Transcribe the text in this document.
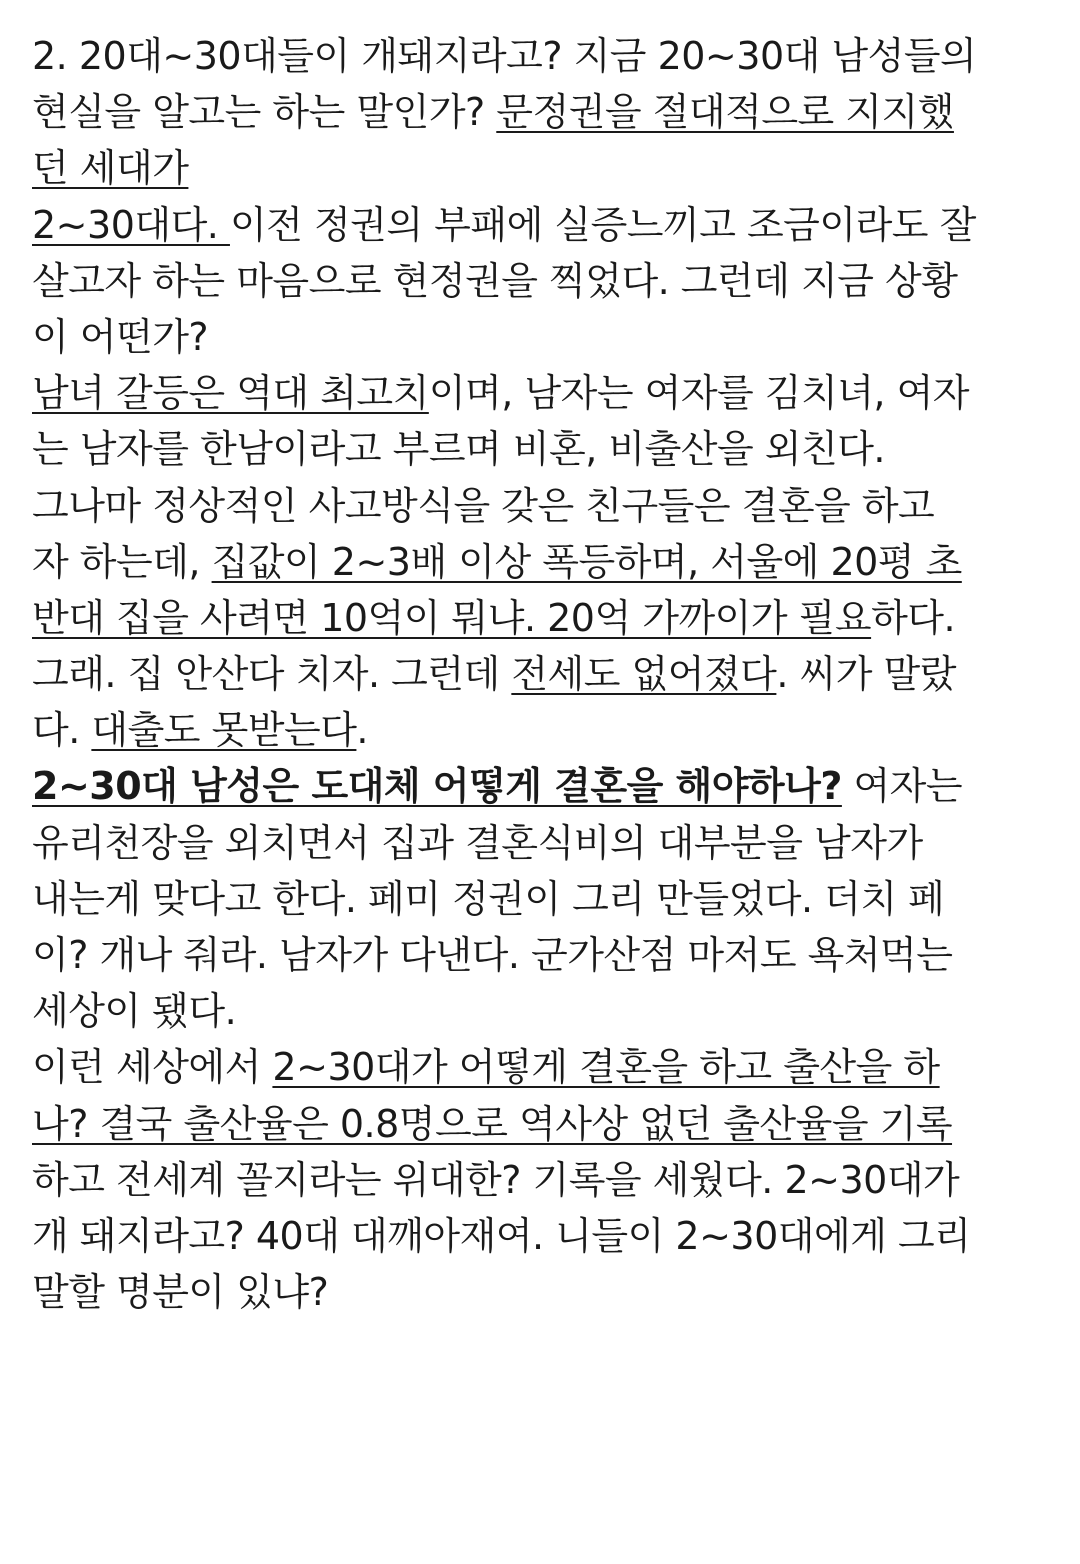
2. 20대~30대들이 개돼지라고? 지금 20~30대 남성들의
현실을 알고는 하는 말인가? 문정권을 절대적으로 지지했
던 세대가
2~30대다. 이전 정권의 부패에 실증느끼고 조금이라도 잘
살고자 하는 마음으로 현정권을 찍었다. 그런데 지금 상황
이 어떤가?
남녀 갈등은 역대 최고치이며, 남자는 여자를 김치녀, 여자
는 남자를 한남이라고 부르며 비혼, 비출산을 외친다.
그나마 정상적인 사고방식을 갖은 친구들은 결혼을 하고
자 하는데, 집값이 2~3배 이상 폭등하며, 서울에 20평 초
반대 집을 사려면 10억이 뭐냐. 20억 가까이가 필요하다.
그래. 집 안산다 치자. 그런데 전세도 없어졌다. 씨가 말랐
다. 대출도 못받는다.
2~30대 남성은 도대체 어떻게 결혼을 해야하나? 여자는
유리천장을 외치면서 집과 결혼식비의 대부분을 남자가
내는게 맞다고 한다. 페미 정권이 그리 만들었다. 더치 페
이? 개나 줘라. 남자가 다낸다. 군가산점 마저도 욕처먹는
세상이 됐다.
이런 세상에서 2~30대가 어떻게 결혼을 하고 출산을 하
나? 결국 출산율은 0.8명으로 역사상 없던 출산율을 기록
하고 전세계 꼴지라는 위대한? 기록을 세웠다. 2~30대가
개 돼지라고? 40대 대깨아재여. 니들이 2~30대에게 그리
말할 명분이 있냐?
